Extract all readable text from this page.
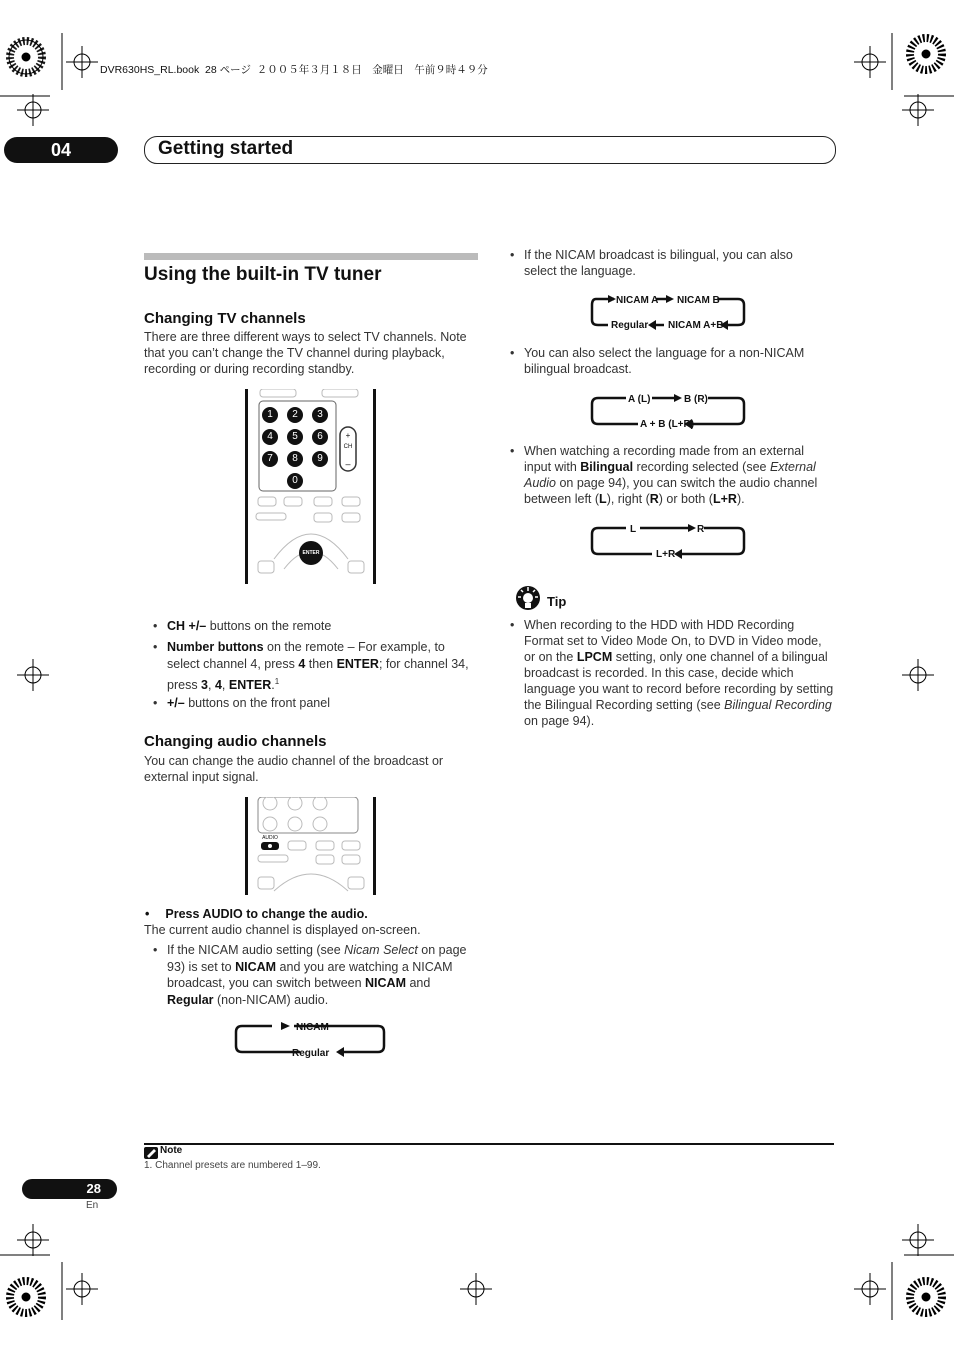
DVR630HS_RL.book  28 ページ  ２００５年３月１８日　金曜日　午前９時４９分
04	Getting started
Using the built-in TV tuner
Changing TV channels
There are three different ways to select TV channels. Note that you can’t change the TV channel during playback, recording or during recording standby.
+
–
CH
ENTER
1	2	3
4	5	6
7	8	9
0
• CH +/– buttons on the remote
• Number buttons on the remote – For example, to select channel 4, press 4 then ENTER; for channel 34, press 3, 4, ENTER.$^1$
• +/– buttons on the front panel
Changing audio channels
You can change the audio channel of the broadcast or external input signal.
AUDIO
• Press AUDIO to change the audio.
The current audio channel is displayed on-screen.
• If the NICAM audio setting (see Nicam Select on page 93) is set to NICAM and you are watching a NICAM broadcast, you can switch between NICAM and Regular (non-NICAM) audio.
NICAM
Regular
• If the NICAM broadcast is bilingual, you can also select the language.
NICAM A NICAM B
Regular NICAM A+B
• You can also select the language for a non-NICAM bilingual broadcast.
A (L)	B (R)
A + B (L+R)
• When watching a recording made from an external input with Bilingual recording selected (see External Audio on page 94), you can switch the audio channel between left (L), right (R) or both (L+R).
L	R
L+R
Tip
• When recording to the HDD with HDD Recording Format set to Video Mode On, to DVD in Video mode, or on the LPCM setting, only one channel of a bilingual broadcast is recorded. In this case, decide which language you want to record before recording by setting the Bilingual Recording setting (see Bilingual Recording on page 94).
Note
1. Channel presets are numbered 1–99.
28
En
